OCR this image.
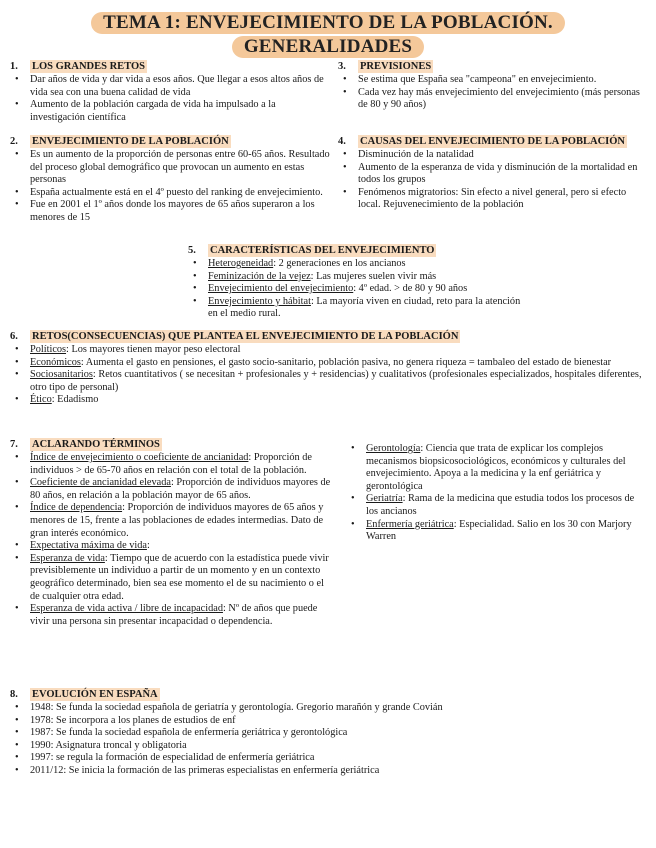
TEMA 1: ENVEJECIMIENTO DE LA POBLACIÓN.
GENERALIDADES
1.	LOS GRANDES RETOS
• Dar años de vida y dar vida a esos años. Que llegar a esos altos años de vida sea con una buena calidad de vida
• Aumento de la población cargada de vida ha impulsado a la investigación científica
3.	PREVISIONES
• Se estima que España sea "campeona" en envejecimiento.
• Cada vez hay más envejecimiento del envejecimiento (más personas de 80 y 90 años)
2.	ENVEJECIMIENTO DE LA POBLACIÓN
• Es un aumento de la proporción de personas entre 60-65 años. Resultado del proceso global demográfico que provocan un aumento en estas personas
• España actualmente está en el 4º puesto del ranking de envejecimiento.
• Fue en 2001 el 1º años donde los mayores de 65 años superaron a los menores de 15
4.	CAUSAS DEL ENVEJECIMIENTO DE LA POBLACIÓN
• Disminución de la natalidad
• Aumento de la esperanza de vida y disminución de la mortalidad en todos los grupos
• Fenómenos migratorios: Sin efecto a nivel general, pero si efecto local. Rejuvenecimiento de la población
5.	CARACTERÍSTICAS DEL ENVEJECIMIENTO
• Heterogeneidad: 2 generaciones en los ancianos
• Feminización de la vejez: Las mujeres suelen vivir más
• Envejecimiento del envejecimiento: 4º edad. > de 80 y 90 años
• Envejecimiento y hábitat: La mayoría viven en ciudad, reto para la atención en el medio rural.
6.	RETOS(CONSECUENCIAS) QUE PLANTEA EL ENVEJECIMIENTO DE LA POBLACIÓN
• Políticos: Los mayores tienen mayor peso electoral
• Económicos: Aumenta el gasto en pensiones, el gasto socio-sanitario, población pasiva, no genera riqueza = tambaleo del estado de bienestar
• Sociosanitarios: Retos cuantitativos ( se necesitan + profesionales y + residencias) y cualitativos (profesionales especializados, hospitales diferentes, otro tipo de personal)
• Ético: Edadismo
7.	ACLARANDO TÉRMINOS
• Índice de envejecimiento o coeficiente de ancianidad: Proporción de individuos > de 65-70 años en relación con el total de la población.
• Coeficiente de ancianidad elevada: Proporción de individuos mayores de 80 años, en relación a la población mayor de 65 años.
• Índice de dependencia: Proporción de individuos mayores de 65 años y menores de 15, frente a las poblaciones de edades intermedias. Dato de gran interés económico.
• Expectativa máxima de vida:
• Esperanza de vida: Tiempo que de acuerdo con la estadística puede vivir previsiblemente un individuo a partir de un momento y en un contexto geográfico determinado, bien sea ese momento el de su nacimiento o el de cualquier otra edad.
• Esperanza de vida activa / libre de incapacidad: Nº de años que puede vivir una persona sin presentar incapacidad o dependencia.
• Gerontología: Ciencia que trata de explicar los complejos mecanismos biopsicosociológicos, económicos y culturales del envejecimiento. Apoya a la medicina y la enf geriátrica y gerontológica
• Geriatría: Rama de la medicina que estudia todos los procesos de los ancianos
• Enfermería geriátrica: Especialidad. Salio en los 30 con Marjory Warren
8.	EVOLUCIÓN EN ESPAÑA
• 1948: Se funda la sociedad española de geriatría y gerontología. Gregorio marañón y grande Covián
• 1978: Se incorpora a los planes de estudios de enf
• 1987: Se funda la sociedad española de enfermería geriátrica y gerontológica
• 1990: Asignatura troncal y obligatoria
• 1997: se regula la formación de especialidad de enfermería geriátrica
• 2011/12: Se inicia la formación de las primeras especialistas en enfermería geriátrica
